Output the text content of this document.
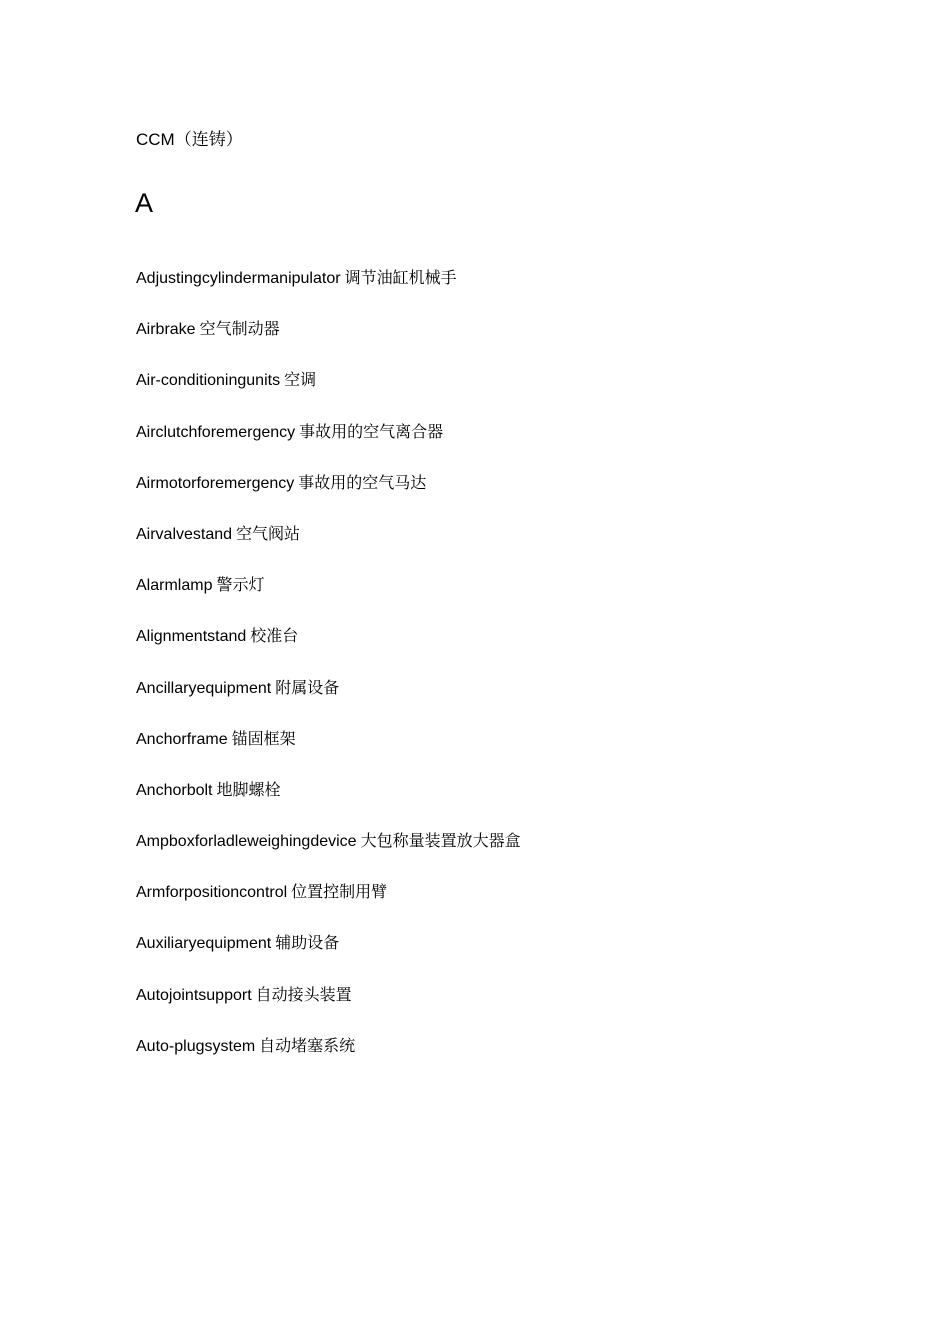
CCM（连铸）
A
Adjustingcylindermanipulator 调节油缸机械手
Airbrake 空气制动器
Air-conditioningunits 空调
Airclutchforemergency 事故用的空气离合器
Airmotorforemergency 事故用的空气马达
Airvalvestand 空气阀站
Alarmlamp 警示灯
Alignmentstand 校准台
Ancillaryequipment 附属设备
Anchorframe 锚固框架
Anchorbolt 地脚螺栓
Ampboxforladleweighingdevice 大包称量装置放大器盒
Armforpositioncontrol 位置控制用臂
Auxiliaryequipment 辅助设备
Autojointsupport 自动接头装置
Auto-plugsystem 自动堵塞系统
